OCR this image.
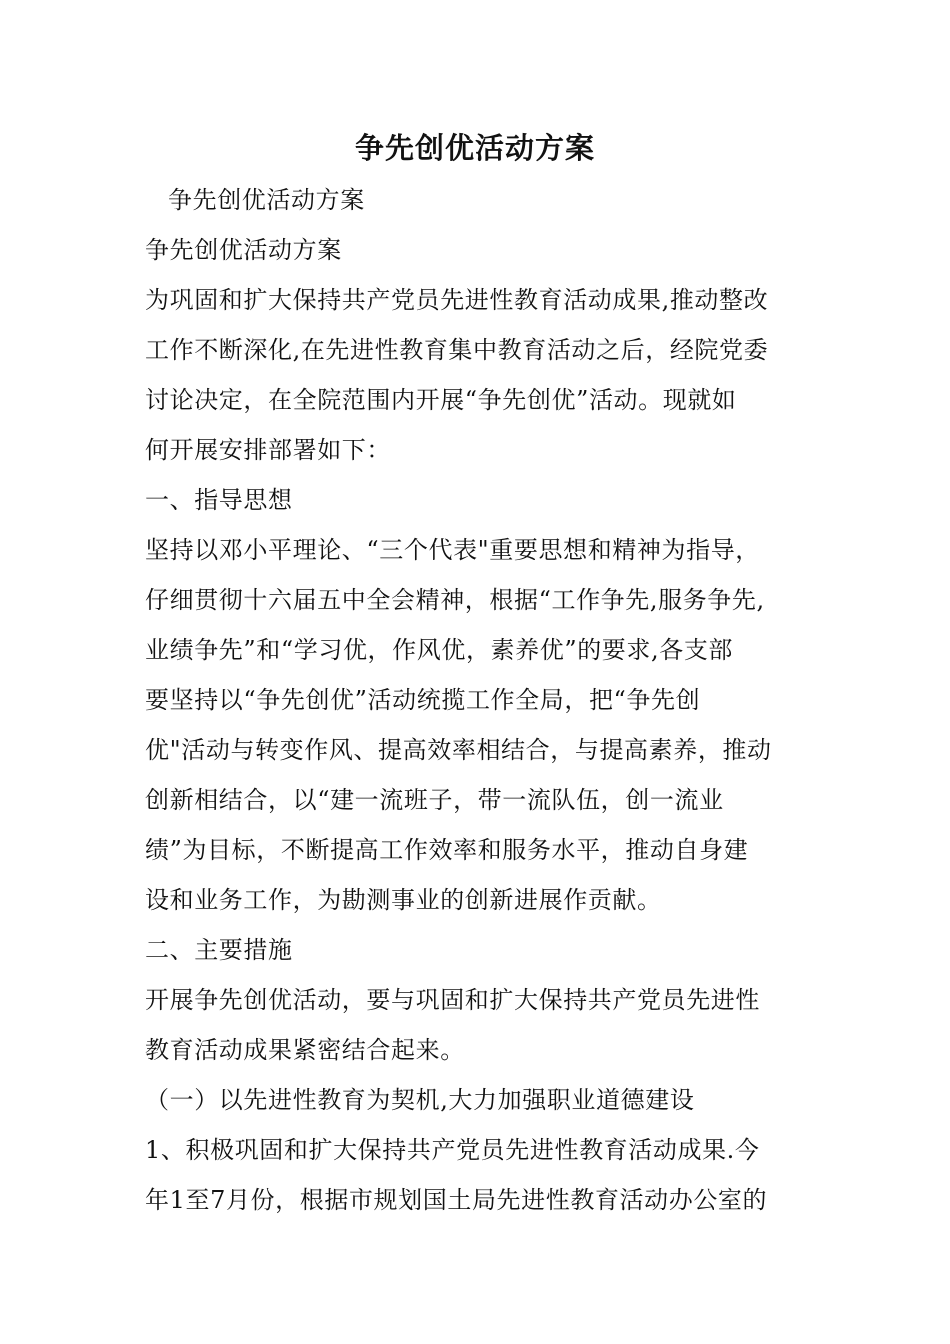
争先创优活动方案
争先创优活动方案
争先创优活动方案
为巩固和扩大保持共产党员先进性教育活动成果,推动整改
工作不断深化,在先进性教育集中教育活动之后，经院党委
讨论决定，在全院范围内开展“争先创优”活动。现就如
何开展安排部署如下：
一、指导思想
坚持以邓小平理论、“三个代表"重要思想和精神为指导，
仔细贯彻十六届五中全会精神，根据“工作争先,服务争先,
业绩争先”和“学习优，作风优，素养优”的要求,各支部
要坚持以“争先创优”活动统揽工作全局，把“争先创
优"活动与转变作风、提高效率相结合，与提高素养，推动
创新相结合，以“建一流班子，带一流队伍，创一流业
绩”为目标，不断提高工作效率和服务水平，推动自身建
设和业务工作，为勘测事业的创新进展作贡献。
二、主要措施
开展争先创优活动，要与巩固和扩大保持共产党员先进性
教育活动成果紧密结合起来。
（一）以先进性教育为契机,大力加强职业道德建设
1、积极巩固和扩大保持共产党员先进性教育活动成果.今
年1至7月份，根据市规划国土局先进性教育活动办公室的
